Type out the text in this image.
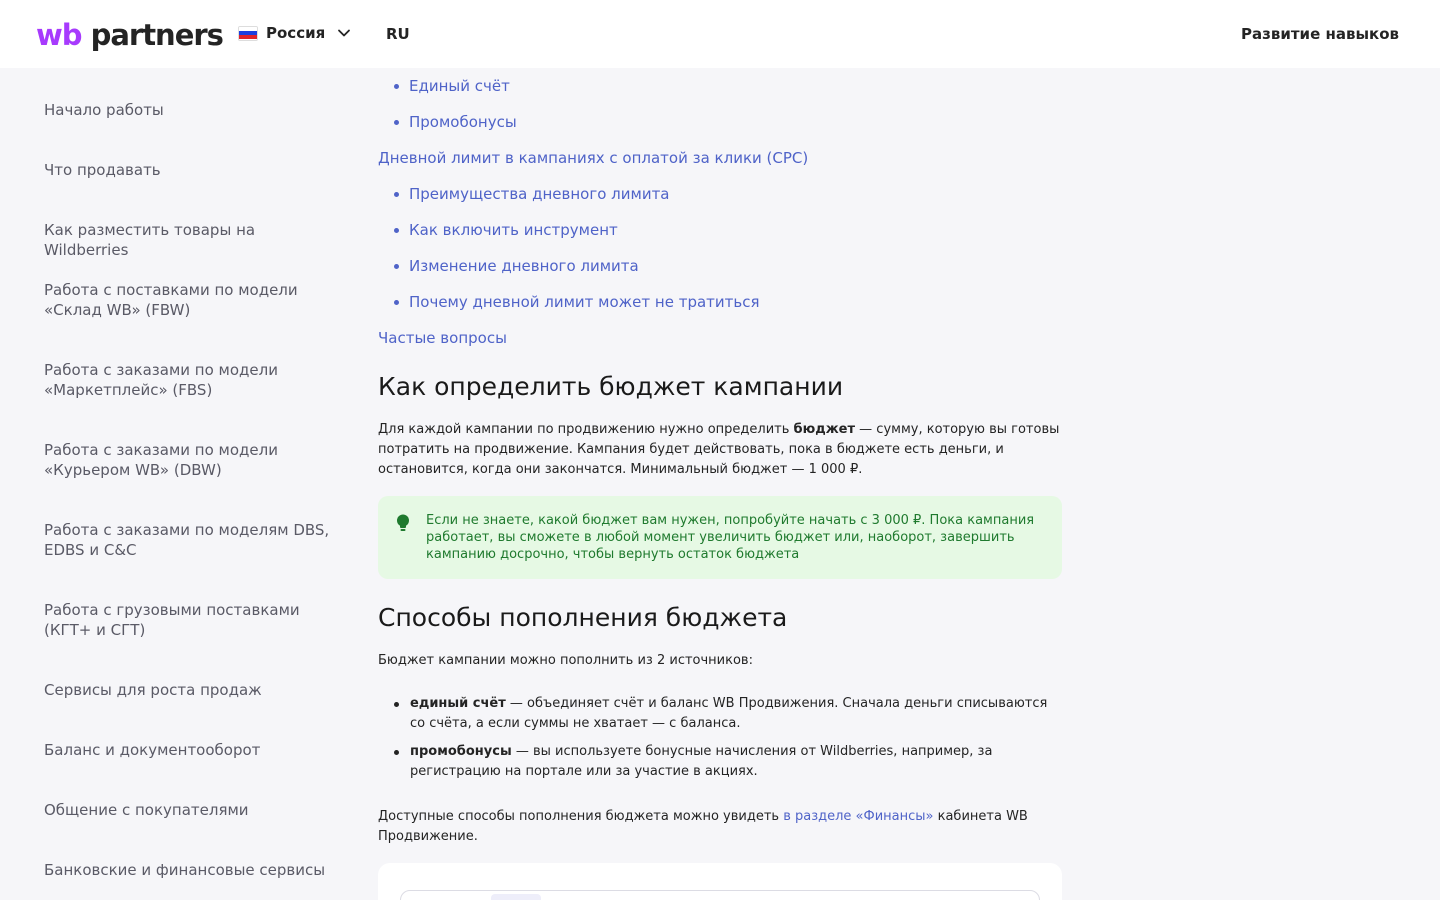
wb partners	Россия	RU	Развитие навыков
Начало работы
Что продавать
Как разместить товары на Wildberries
Работа с поставками по модели «Склад WB» (FBW)
Работа с заказами по модели «Маркетплейс» (FBS)
Работа с заказами по модели «Курьером WB» (DBW)
Работа с заказами по моделям DBS, EDBS и C&C
Работа с грузовыми поставками (КГТ+ и СГТ)
Сервисы для роста продаж
Баланс и документооборот
Общение с покупателями
Банковские и финансовые сервисы
Единый счёт
Промобонусы
Дневной лимит в кампаниях с оплатой за клики (CPC)
Преимущества дневного лимита
Как включить инструмент
Изменение дневного лимита
Почему дневной лимит может не тратиться
Частые вопросы
Как определить бюджет кампании
Для каждой кампании по продвижению нужно определить бюджет — сумму, которую вы готовы потратить на продвижение. Кампания будет действовать, пока в бюджете есть деньги, и остановится, когда они закончатся. Минимальный бюджет — 1 000 ₽.
Если не знаете, какой бюджет вам нужен, попробуйте начать с 3 000 ₽. Пока кампания работает, вы сможете в любой момент увеличить бюджет или, наоборот, завершить кампанию досрочно, чтобы вернуть остаток бюджета
Способы пополнения бюджета
Бюджет кампании можно пополнить из 2 источников:
единый счёт — объединяет счёт и баланс WB Продвижения. Сначала деньги списываются со счёта, а если суммы не хватает — с баланса.
промобонусы — вы используете бонусные начисления от Wildberries, например, за регистрацию на портале или за участие в акциях.
Доступные способы пополнения бюджета можно увидеть в разделе «Финансы» кабинета WB Продвижение.
